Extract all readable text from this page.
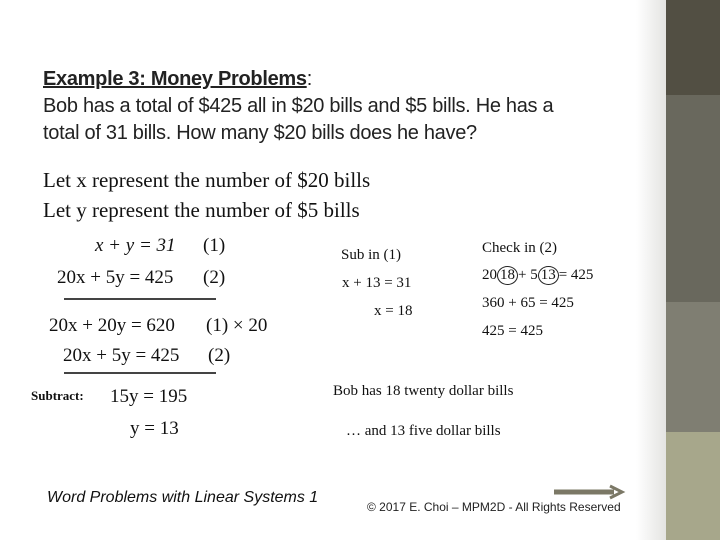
Example 3: Money Problems:
Bob has a total of $425 all in $20 bills and $5 bills. He has a
total of 31 bills. How many $20 bills does he have?
Let x represent the number of $20 bills
Let y represent the number of $5 bills
x + y = 31 (1)
20x + 5y = 425 (2)
20x + 20y = 620 (1) × 20
20x + 5y = 425 (2)
Subtract: 15y = 195
y = 13
Sub in (1)
x + 13 = 31
x = 18
Check in (2)
20 18 + 5 13 = 425
360 + 65 = 425
425 = 425
Bob has 18 twenty dollar bills
… and 13 five dollar bills
Word Problems with Linear Systems 1
© 2017 E. Choi – MPM2D - All Rights Reserved
